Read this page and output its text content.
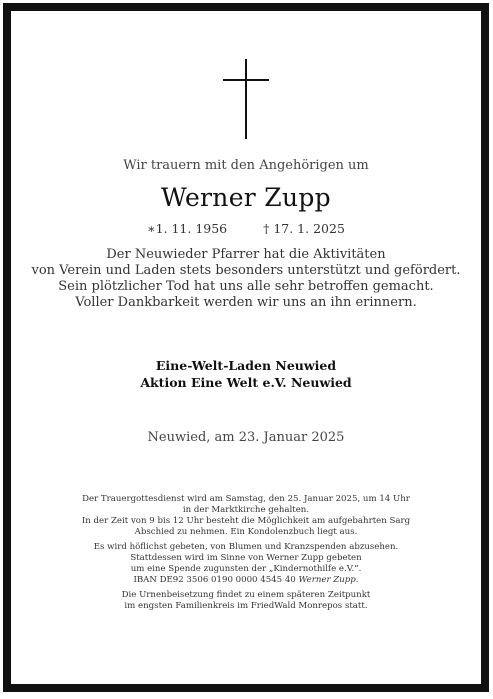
Wir trauern mit den Angehörigen um
Werner Zupp
∗1. 11. 1956	† 17. 1. 2025
Der Neuwieder Pfarrer hat die Aktivitäten
von Verein und Laden stets besonders unterstützt und gefördert.
Sein plötzlicher Tod hat uns alle sehr betroffen gemacht.
Voller Dankbarkeit werden wir uns an ihn erinnern.
Eine-Welt-Laden Neuwied
Aktion Eine Welt e.V. Neuwied
Neuwied, am 23. Januar 2025
Der Trauergottesdienst wird am Samstag, den 25. Januar 2025, um 14 Uhr
in der Marktkirche gehalten.
In der Zeit von 9 bis 12 Uhr besteht die Möglichkeit am aufgebahrten Sarg
Abschied zu nehmen. Ein Kondolenzbuch liegt aus.
Es wird höflichst gebeten, von Blumen und Kranzspenden abzusehen.
Stattdessen wird im Sinne von Werner Zupp gebeten
um eine Spende zugunsten der „Kindernothilfe e.V.“.
IBAN DE92 3506 0190 0000 4545 40 Werner Zupp.
Die Urnenbeisetzung findet zu einem späteren Zeitpunkt
im engsten Familienkreis im FriedWald Monrepos statt.
